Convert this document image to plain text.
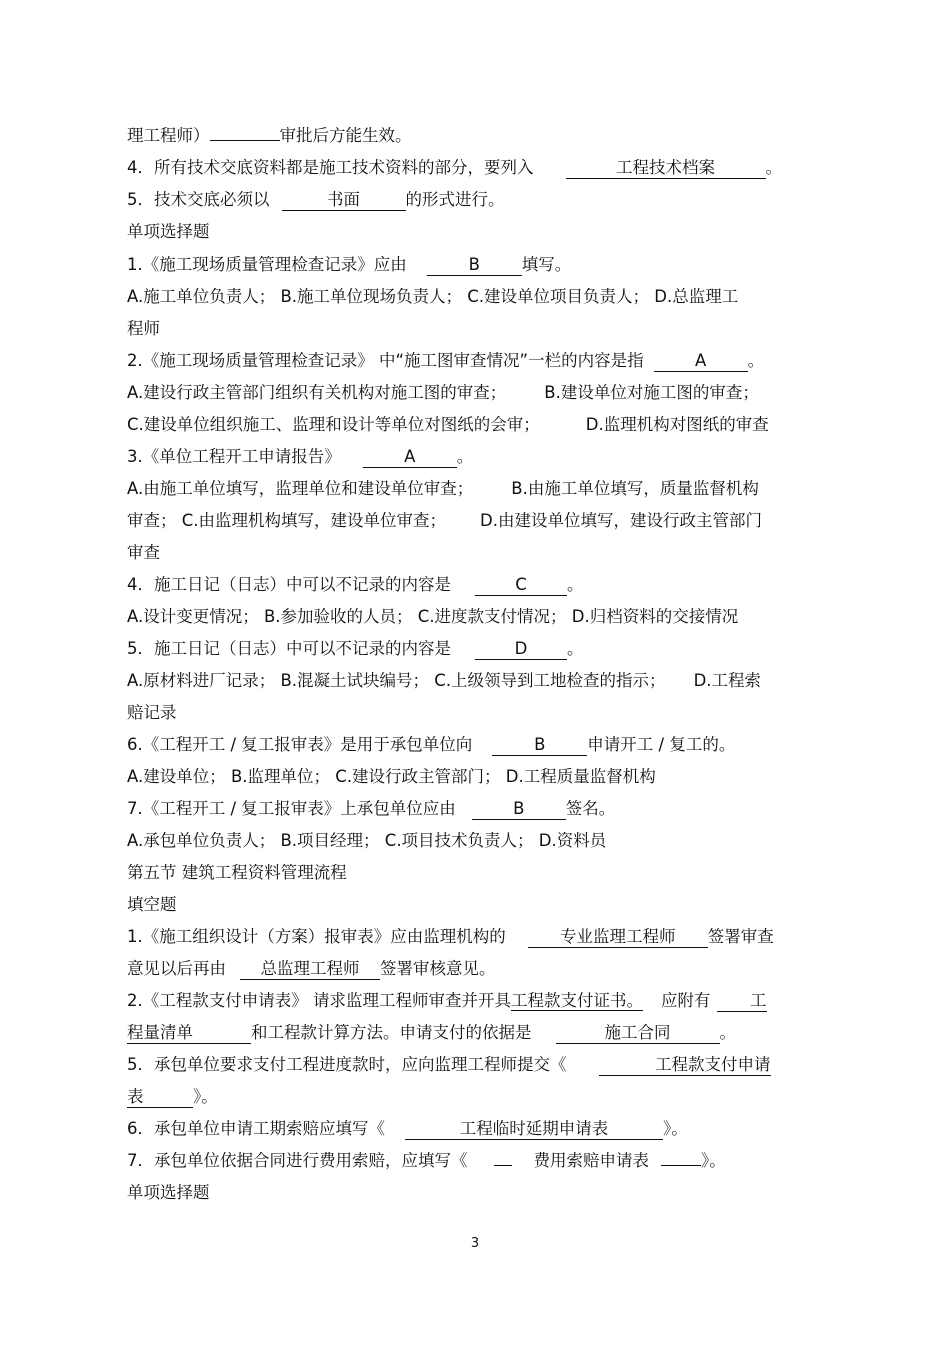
理工程师）	审批后方能生效。
4．所有技术交底资料都是施工技术资料的部分，要列入	工程技术档案	。
5．技术交底必须以	书面	的形式进行。
单项选择题
1.《施工现场质量管理检查记录》应由	B	填写。
A.施工单位负责人； B.施工单位现场负责人； C.建设单位项目负责人； D.总监理工
程师
2.《施工现场质量管理检查记录》 中“施工图审查情况”一栏的内容是指	A	。
A.建设行政主管部门组织有关机构对施工图的审查； B.建设单位对施工图的审查；
C.建设单位组织施工、监理和设计等单位对图纸的会审；	D.监理机构对图纸的审查
3.《单位工程开工申请报告》	A	。
A.由施工单位填写，监理单位和建设单位审查； B.由施工单位填写，质量监督机构
审查； C.由监理机构填写，建设单位审查； D.由建设单位填写，建设行政主管部门
审查
4．施工日记（日志）中可以不记录的内容是	C 。
A.设计变更情况； B.参加验收的人员； C.进度款支付情况； D.归档资料的交接情况
5．施工日记（日志）中可以不记录的内容是	D 。
A.原材料进厂记录； B.混凝土试块编号； C.上级领导到工地检查的指示； D.工程索
赔记录
6.《工程开工 / 复工报审表》是用于承包单位向	B	申请开工 / 复工的。
A.建设单位； B.监理单位； C.建设行政主管部门； D.工程质量监督机构
7.《工程开工 / 复工报审表》上承包单位应由	B	签名。
A.承包单位负责人； B.项目经理； C.项目技术负责人； D.资料员
第五节 建筑工程资料管理流程
填空题
1.《施工组织设计（方案）报审表》应由监理机构的	专业监理工程师 签署审查
意见以后再由 总监理工程师 签署审核意见。
2.《工程款支付申请表》 请求监理工程师审查并开具工程款支付证书。 应附有 工
程量清单	和工程款计算方法。申请支付的依据是	施工合同	。
5．承包单位要求支付工程进度款时，应向监理工程师提交《	工程款支付申请
表	》。
6．承包单位申请工期索赔应填写《	工程临时延期申请表	》。
7．承包单位依据合同进行费用索赔，应填写《	费用索赔申请表	》。
单项选择题
3
